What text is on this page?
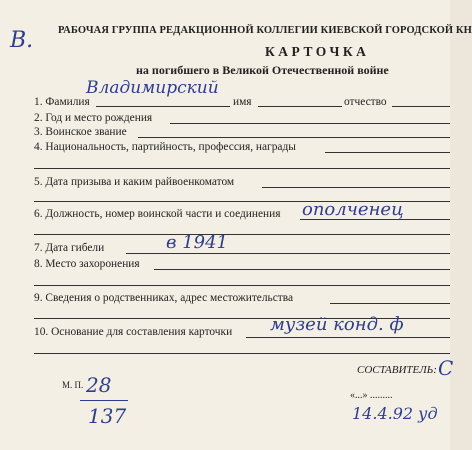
В. РАБОЧАЯ ГРУППА РЕДАКЦИОННОЙ КОЛЛЕГИИ КИЕВСКОЙ ГОРОДСКОЙ КН
КАРТОЧКА
на погибшего в Великой Отечественной войне
Владимирский
1. Фамилия	имя	отчество
2. Год и место рождения
3. Воинское звание
4. Национальность, партийность, профессия, награды
5. Дата призыва и каким райвоенкоматом
ополченец
6. Должность, номер воинской части и соединения
в 1941
7. Дата гибели
8. Место захоронения
9. Сведения о родственниках, адрес местожительства
музей конд. ф
10. Основание для составления карточки
М. П. 28
137
СОСТАВИТЕЛЬ: С
«...» .........
14.4.92 уд
